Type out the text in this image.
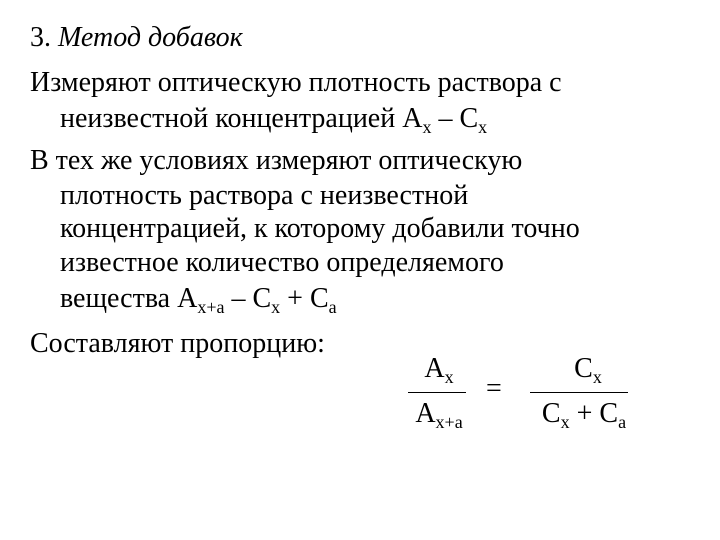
3. Метод добавок
Измеряют оптическую плотность раствора с
неизвестной концентрацией $A_x - C_x$
В тех же условиях измеряют оптическую
плотность раствора с неизвестной
концентрацией, к которому добавили точно
известное количество определяемого
вещества $A_{x+a} - C_x + C_a$
Составляют пропорцию:
$A_x$
$A_{x+a}$
=
$C_x$
$C_x + C_a$
